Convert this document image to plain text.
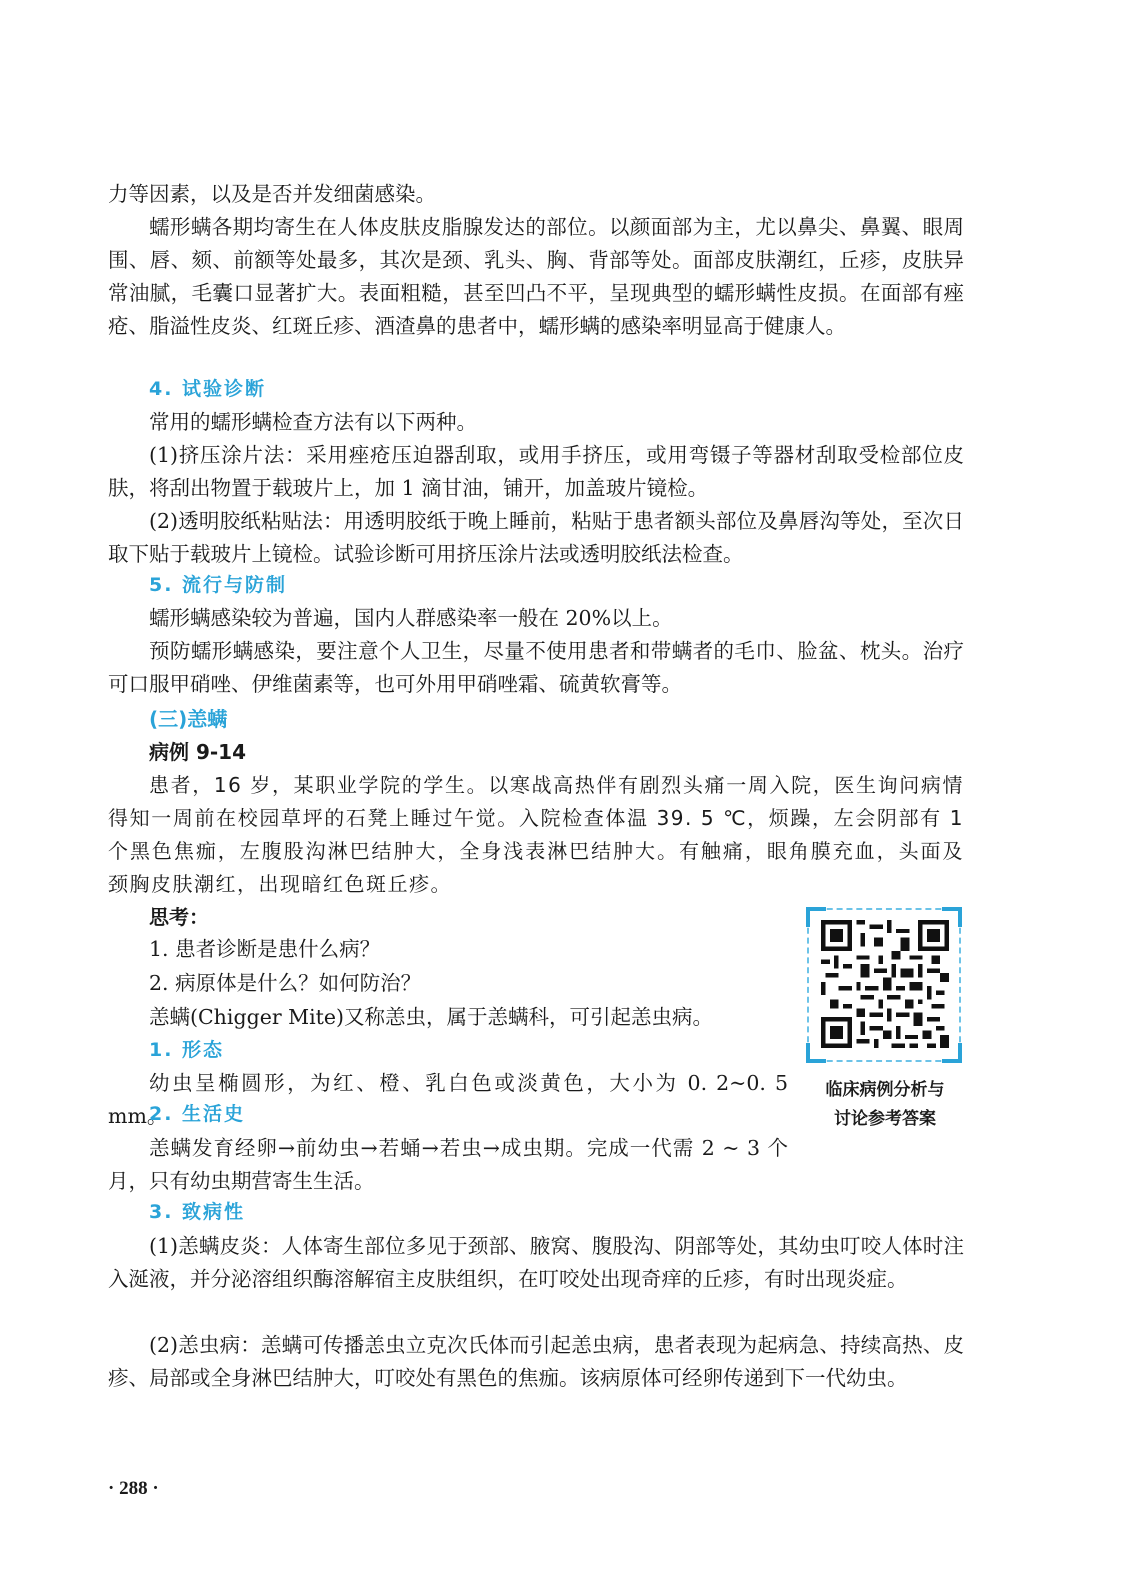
力等因素，以及是否并发细菌感染。

蠕形螨各期均寄生在人体皮肤皮脂腺发达的部位。以颜面部为主，尤以鼻尖、鼻翼、眼周围、唇、颏、前额等处最多，其次是颈、乳头、胸、背部等处。面部皮肤潮红，丘疹，皮肤异常油腻，毛囊口显著扩大。表面粗糙，甚至凹凸不平，呈现典型的蠕形螨性皮损。在面部有痤疮、脂溢性皮炎、红斑丘疹、酒渣鼻的患者中，蠕形螨的感染率明显高于健康人。

4. 试验诊断

常用的蠕形螨检查方法有以下两种。

(1)挤压涂片法：采用痤疮压迫器刮取，或用手挤压，或用弯镊子等器材刮取受检部位皮肤，将刮出物置于载玻片上，加 1 滴甘油，铺开，加盖玻片镜检。

(2)透明胶纸粘贴法：用透明胶纸于晚上睡前，粘贴于患者额头部位及鼻唇沟等处，至次日取下贴于载玻片上镜检。试验诊断可用挤压涂片法或透明胶纸法检查。

5. 流行与防制

蠕形螨感染较为普遍，国内人群感染率一般在 20%以上。

预防蠕形螨感染，要注意个人卫生，尽量不使用患者和带螨者的毛巾、脸盆、枕头。治疗可口服甲硝唑、伊维菌素等，也可外用甲硝唑霜、硫黄软膏等。

(三)恙螨
病例 9-14

患者，16 岁，某职业学院的学生。以寒战高热伴有剧烈头痛一周入院，医生询问病情得知一周前在校园草坪的石凳上睡过午觉。入院检查体温 39. 5 ℃，烦躁，左会阴部有 1 个黑色焦痂，左腹股沟淋巴结肿大，全身浅表淋巴结肿大。有触痛，眼角膜充血，头面及颈胸皮肤潮红，出现暗红色斑丘疹。

思考：

1. 患者诊断是患什么病？

2. 病原体是什么？如何防治？

恙螨(Chigger Mite)又称恙虫，属于恙螨科，可引起恙虫病。

1. 形态

幼虫呈椭圆形，为红、橙、乳白色或淡黄色，大小为 0. 2~0. 5 mm。

2. 生活史

恙螨发育经卵→前幼虫→若蛹→若虫→成虫期。完成一代需 2 ~ 3 个月，只有幼虫期营寄生生活。

3. 致病性

(1)恙螨皮炎：人体寄生部位多见于颈部、腋窝、腹股沟、阴部等处，其幼虫叮咬人体时注入涎液，并分泌溶组织酶溶解宿主皮肤组织，在叮咬处出现奇痒的丘疹，有时出现炎症。

(2)恙虫病：恙螨可传播恙虫立克次氏体而引起恙虫病，患者表现为起病急、持续高热、皮疹、局部或全身淋巴结肿大，叮咬处有黑色的焦痂。该病原体可经卵传递到下一代幼虫。

临床病例分析与
讨论参考答案
· 288 ·
